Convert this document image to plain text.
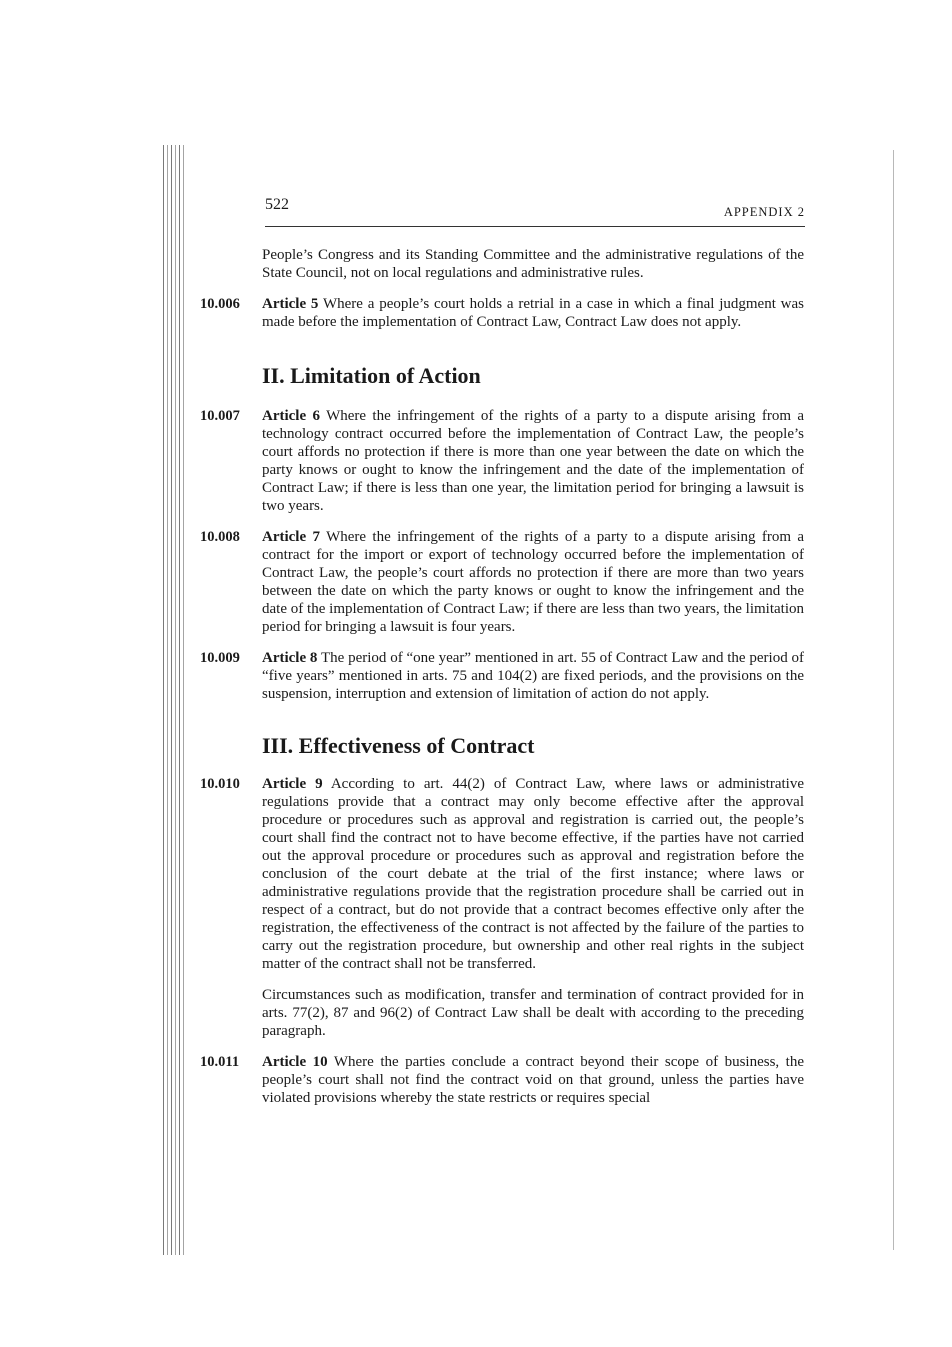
522	APPENDIX 2
People’s Congress and its Standing Committee and the administrative regulations of the State Council, not on local regulations and administrative rules.
10.006 Article 5 Where a people’s court holds a retrial in a case in which a final judgment was made before the implementation of Contract Law, Contract Law does not apply.
II. Limitation of Action
10.007 Article 6 Where the infringement of the rights of a party to a dispute arising from a technology contract occurred before the implementation of Contract Law, the people’s court affords no protection if there is more than one year between the date on which the party knows or ought to know the infringement and the date of the implementation of Contract Law; if there is less than one year, the limitation period for bringing a lawsuit is two years.
10.008 Article 7 Where the infringement of the rights of a party to a dispute arising from a contract for the import or export of technology occurred before the implementation of Contract Law, the people’s court affords no protection if there are more than two years between the date on which the party knows or ought to know the infringement and the date of the implementation of Contract Law; if there are less than two years, the limitation period for bringing a lawsuit is four years.
10.009 Article 8 The period of “one year” mentioned in art. 55 of Contract Law and the period of “five years” mentioned in arts. 75 and 104(2) are fixed periods, and the provisions on the suspension, interruption and extension of limitation of action do not apply.
III. Effectiveness of Contract
10.010 Article 9 According to art. 44(2) of Contract Law, where laws or administrative regulations provide that a contract may only become effective after the approval procedure or procedures such as approval and registration is carried out, the people’s court shall find the contract not to have become effective, if the parties have not carried out the approval procedure or procedures such as approval and registration before the conclusion of the court debate at the trial of the first instance; where laws or administrative regulations provide that the registration procedure shall be carried out in respect of a contract, but do not provide that a contract becomes effective only after the registration, the effectiveness of the contract is not affected by the failure of the parties to carry out the registration procedure, but ownership and other real rights in the subject matter of the contract shall not be transferred.
Circumstances such as modification, transfer and termination of contract provided for in arts. 77(2), 87 and 96(2) of Contract Law shall be dealt with according to the preceding paragraph.
10.011 Article 10 Where the parties conclude a contract beyond their scope of business, the people’s court shall not find the contract void on that ground, unless the parties have violated provisions whereby the state restricts or requires special
